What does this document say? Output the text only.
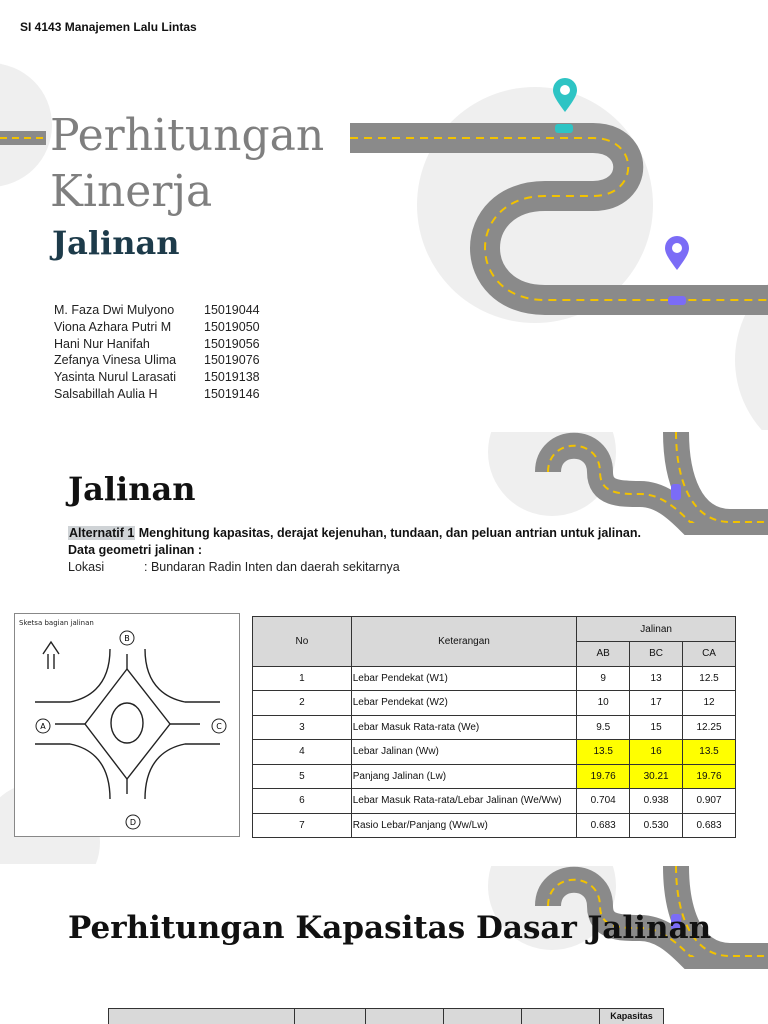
SI 4143 Manajemen Lalu Lintas
Perhitungan
Kinerja
Jalinan
M. Faza Dwi Mulyono	15019044
Viona Azhara Putri M	15019050
Hani Nur Hanifah	15019056
Zefanya Vinesa Ulima	15019076
Yasinta Nurul Larasati	15019138
Salsabillah Aulia H	15019146
Jalinan
Alternatif 1 Menghitung kapasitas, derajat kejenuhan, tundaan, dan peluan antrian untuk jalinan.
Data geometri jalinan :
Lokasi	: Bundaran Radin Inten dan daerah sekitarnya
Sketsa bagian jalinan
B
A	C
D
No	Keterangan	Jalinan		
		AB	BC	CA
1	Lebar Pendekat (W1)	9	13	12.5
2	Lebar Pendekat (W2)	10	17	12
3	Lebar Masuk Rata-rata (We)	9.5	15	12.25
4	Lebar Jalinan (Ww)	13.5	16	13.5
5	Panjang Jalinan (Lw)	19.76	30.21	19.76
6	Lebar Masuk Rata-rata/Lebar Jalinan (We/Ww)	0.704	0.938	0.907
7	Rasio Lebar/Panjang (Ww/Lw)	0.683	0.530	0.683
Perhitungan Kapasitas Dasar Jalinan
					Kapasitas
